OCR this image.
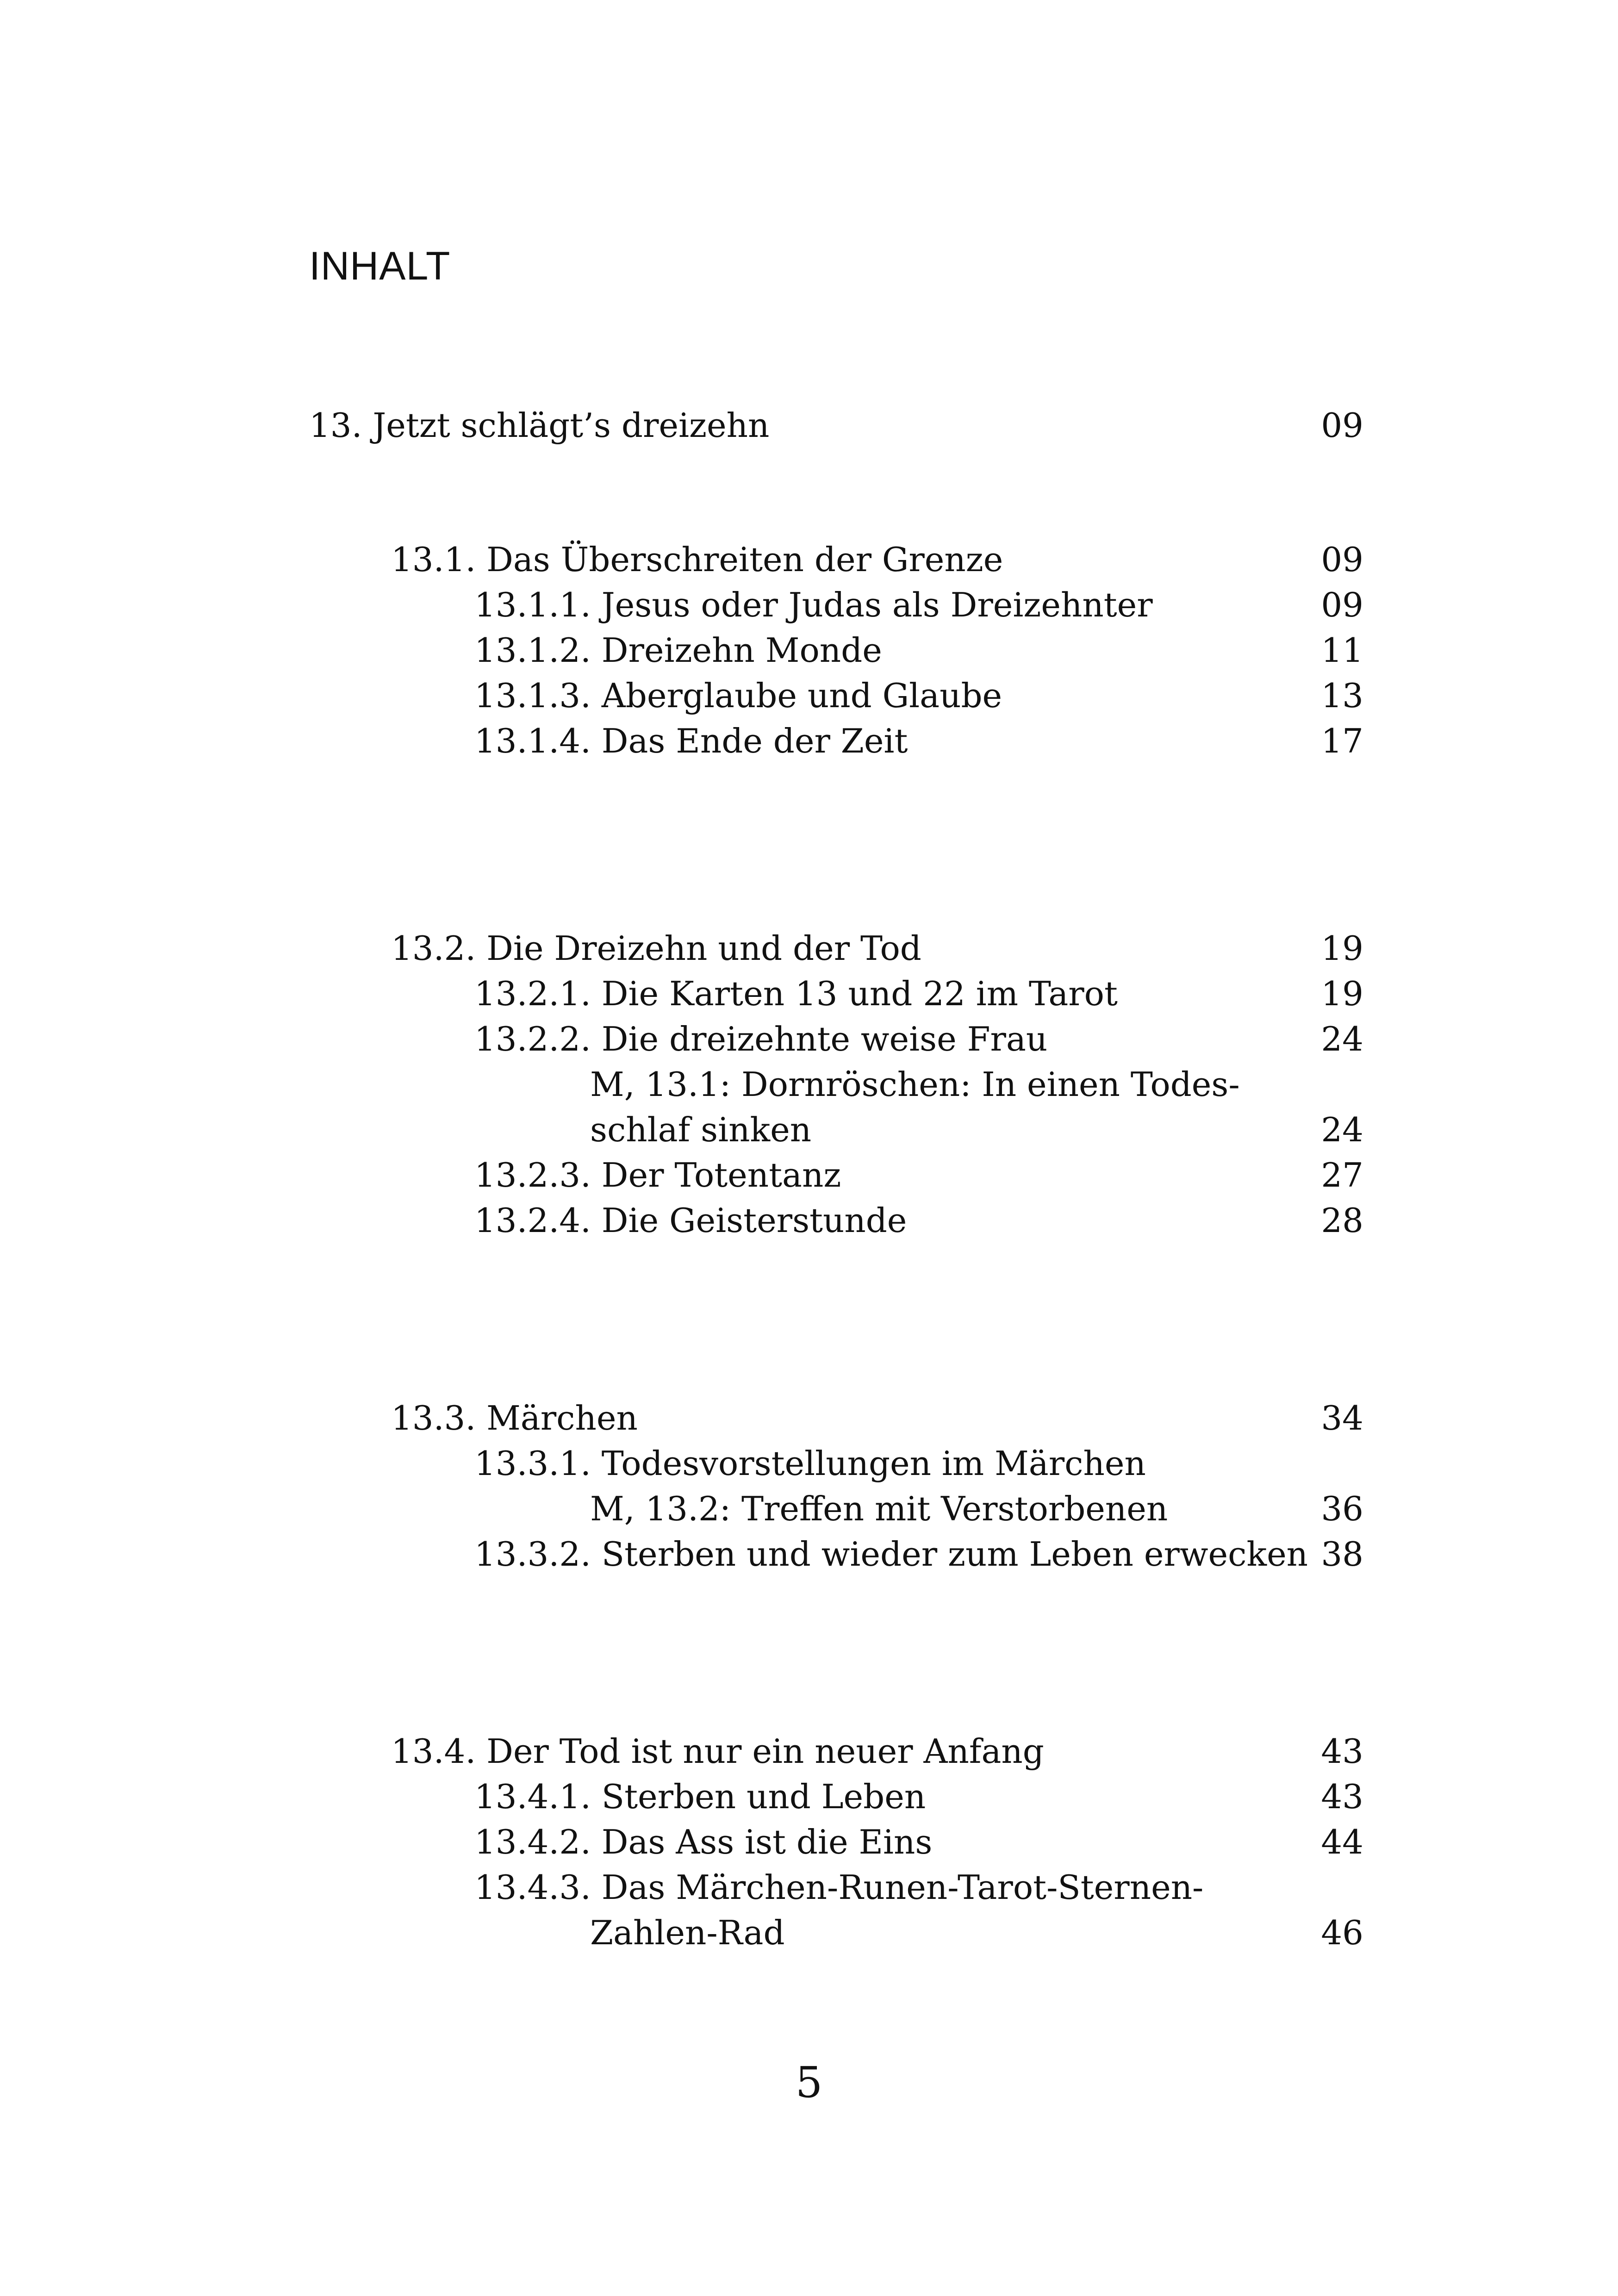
INHALT
13. Jetzt schlägt’s dreizehn	09
13.1. Das Überschreiten der Grenze	09
13.1.1. Jesus oder Judas als Dreizehnter	09
13.1.2. Dreizehn Monde	11
13.1.3. Aberglaube und Glaube	13
13.1.4. Das Ende der Zeit	17
13.2. Die Dreizehn und der Tod	19
13.2.1. Die Karten 13 und 22 im Tarot	19
13.2.2. Die dreizehnte weise Frau	24
M, 13.1: Dornröschen: In einen Todes-
schlaf sinken	24
13.2.3. Der Totentanz	27
13.2.4. Die Geisterstunde	28
13.3. Märchen	34
13.3.1. Todesvorstellungen im Märchen
M, 13.2: Treffen mit Verstorbenen	36
13.3.2. Sterben und wieder zum Leben erwecken 38
13.4. Der Tod ist nur ein neuer Anfang	43
13.4.1. Sterben und Leben	43
13.4.2. Das Ass ist die Eins	44
13.4.3. Das Märchen-Runen-Tarot-Sternen-
Zahlen-Rad	46
5
